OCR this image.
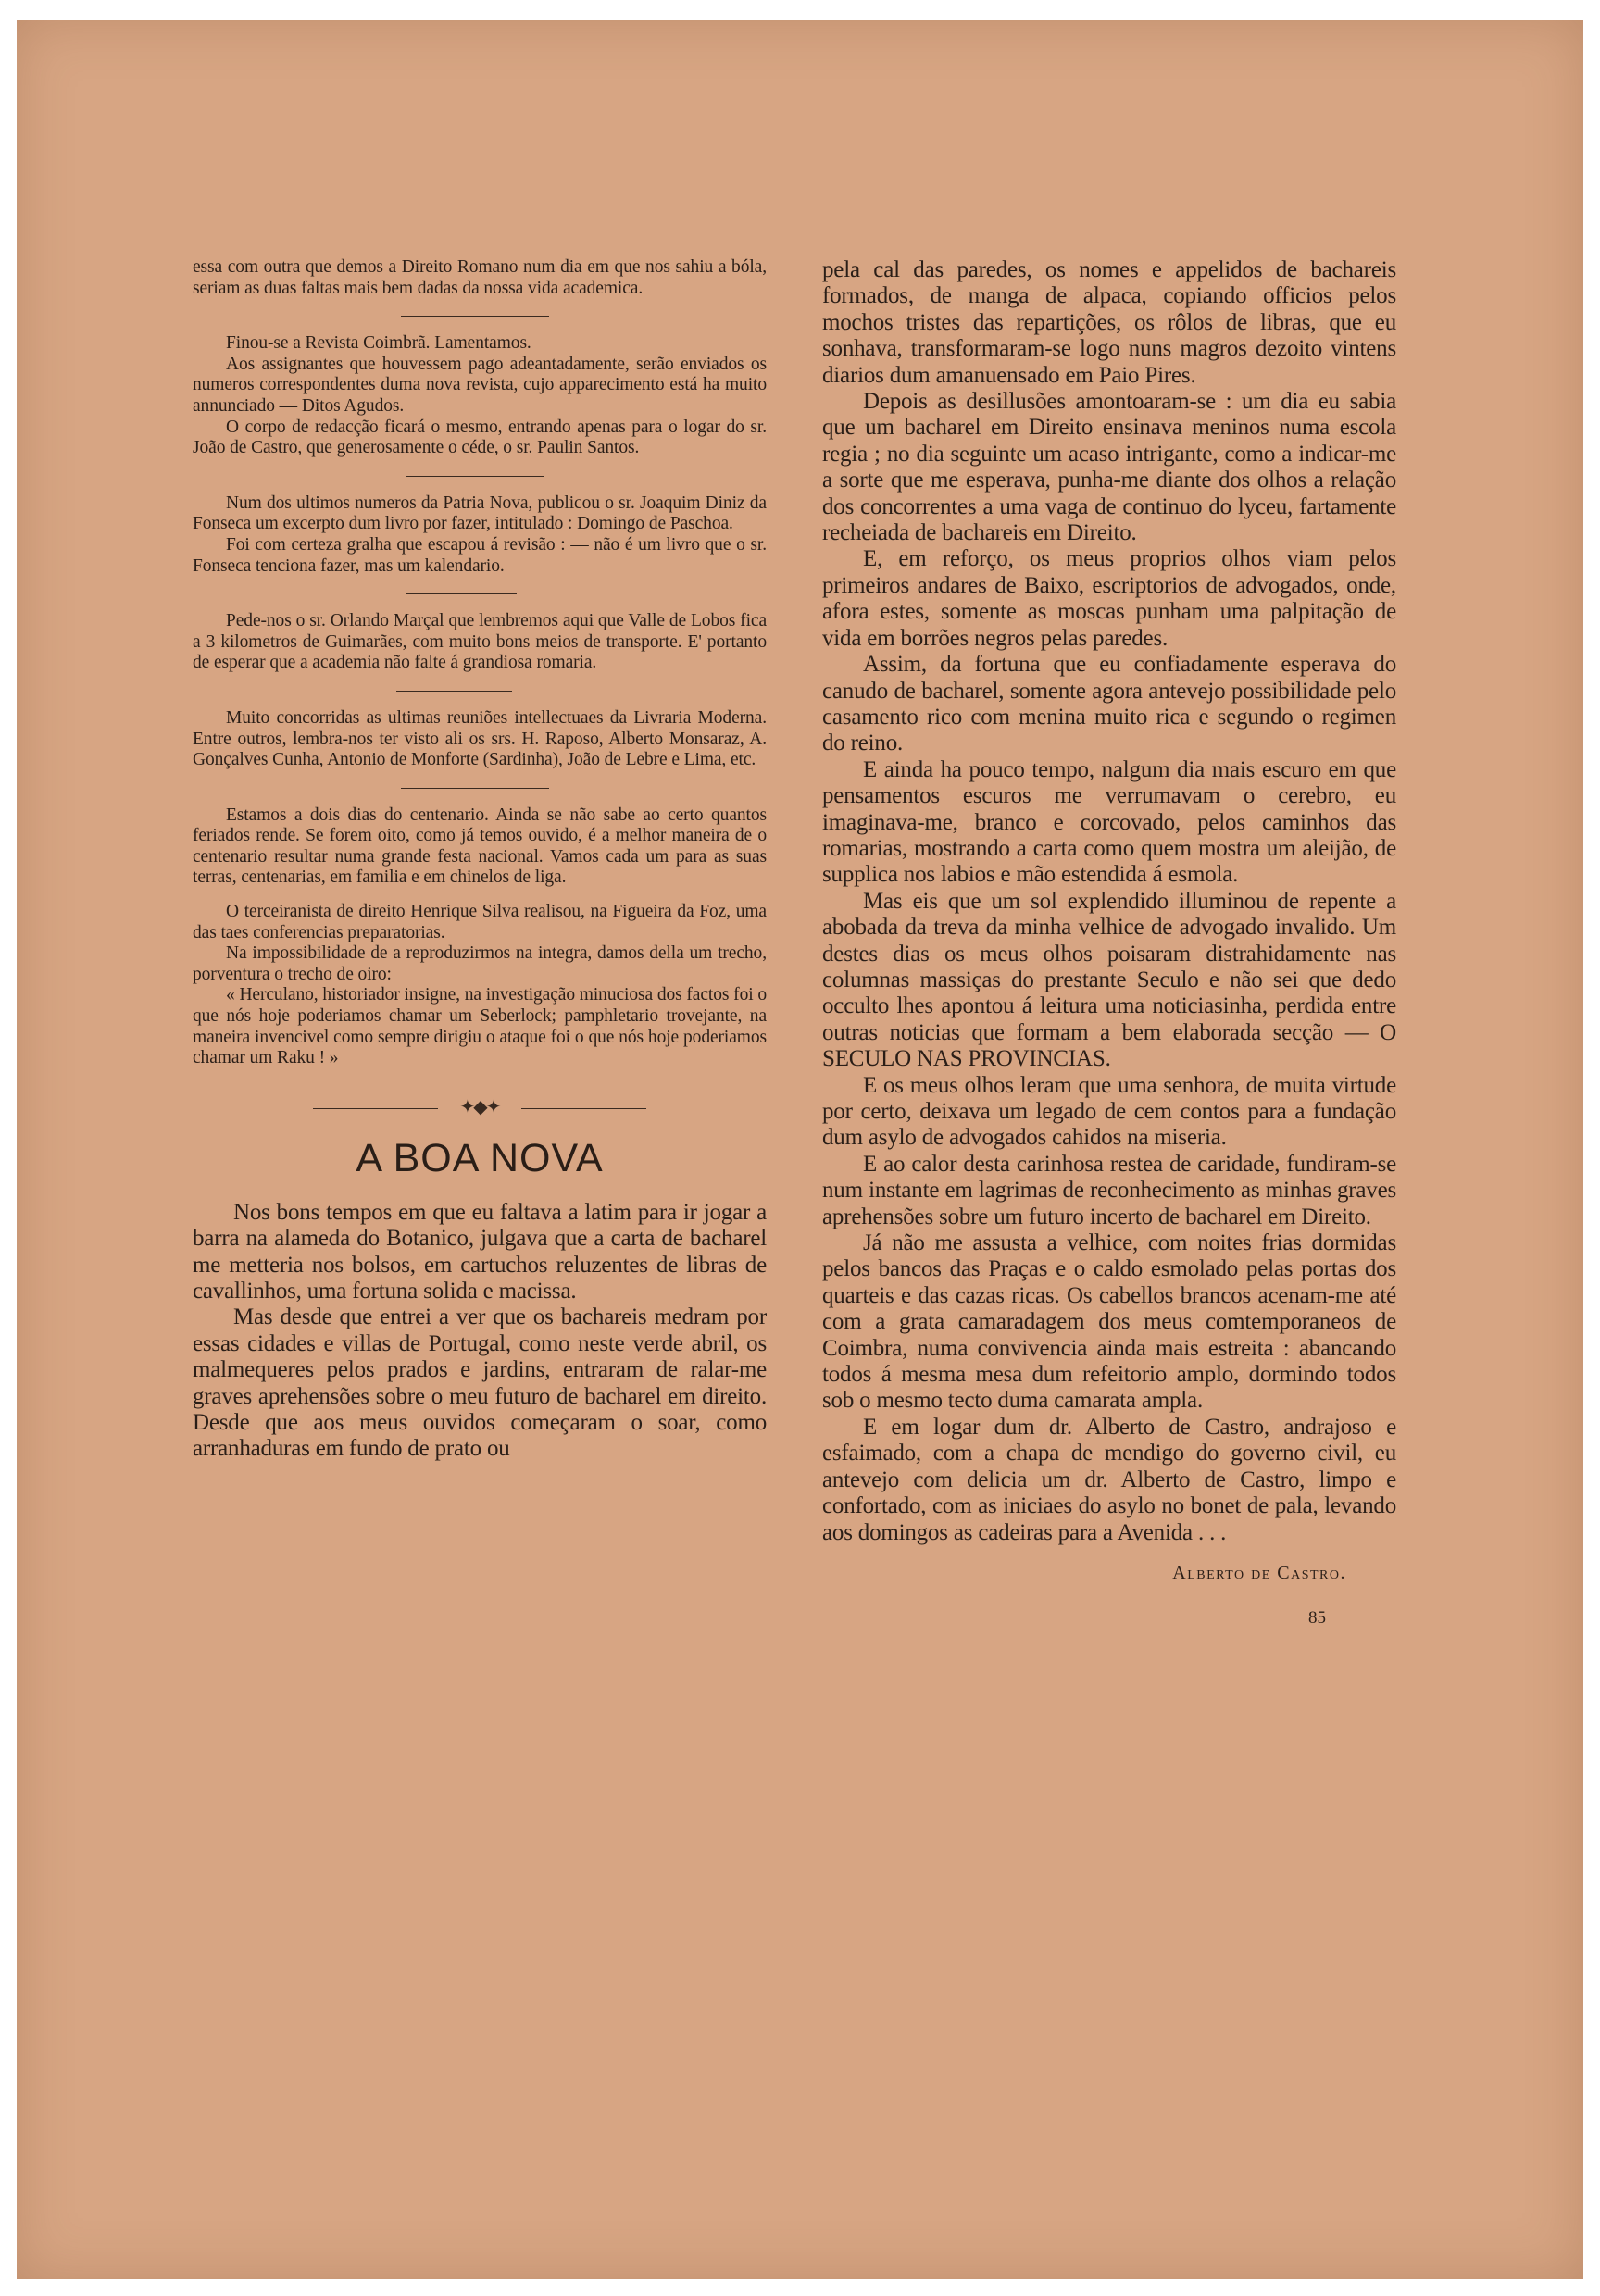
essa com outra que demos a Direito Romano num dia em que nos sahiu a bóla, seriam as duas faltas mais bem dadas da nossa vida academica.

Finou-se a Revista Coimbrã. Lamentamos.

Aos assignantes que houvessem pago adeantadamente, serão enviados os numeros correspondentes duma nova revista, cujo apparecimento está ha muito annunciado — Ditos Agudos.

O corpo de redacção ficará o mesmo, entrando apenas para o logar do sr. João de Castro, que generosamente o céde, o sr. Paulin Santos.

Num dos ultimos numeros da Patria Nova, publicou o sr. Joaquim Diniz da Fonseca um excerpto dum livro por fazer, intitulado : Domingo de Paschoa.

Foi com certeza gralha que escapou á revisão : — não é um livro que o sr. Fonseca tenciona fazer, mas um kalendario.

Pede-nos o sr. Orlando Marçal que lembremos aqui que Valle de Lobos fica a 3 kilometros de Guimarães, com muito bons meios de transporte. E' portanto de esperar que a academia não falte á grandiosa romaria.

Muito concorridas as ultimas reuniões intellectuaes da Livraria Moderna. Entre outros, lembra-nos ter visto ali os srs. H. Raposo, Alberto Monsaraz, A. Gonçalves Cunha, Antonio de Monforte (Sardinha), João de Lebre e Lima, etc.

Estamos a dois dias do centenario. Ainda se não sabe ao certo quantos feriados rende. Se forem oito, como já temos ouvido, é a melhor maneira de o centenario resultar numa grande festa nacional. Vamos cada um para as suas terras, centenarias, em familia e em chinelos de liga.

O terceiranista de direito Henrique Silva realisou, na Figueira da Foz, uma das taes conferencias preparatorias.

Na impossibilidade de a reproduzirmos na integra, damos della um trecho, porventura o trecho de oiro:

« Herculano, historiador insigne, na investigação minuciosa dos factos foi o que nós hoje poderiamos chamar um Seberlock; pamphletario trovejante, na maneira invencivel como sempre dirigiu o ataque foi o que nós hoje poderiamos chamar um Raku ! »

✦◆✦
A BOA NOVA

Nos bons tempos em que eu faltava a latim para ir jogar a barra na alameda do Botanico, julgava que a carta de bacharel me metteria nos bolsos, em cartuchos reluzentes de libras de cavallinhos, uma fortuna solida e macissa.

Mas desde que entrei a ver que os bachareis medram por essas cidades e villas de Portugal, como neste verde abril, os malmequeres pelos prados e jardins, entraram de ralar-me graves aprehensões sobre o meu futuro de bacharel em direito. Desde que aos meus ouvidos começaram o soar, como arranhaduras em fundo de prato ou

pela cal das paredes, os nomes e appelidos de bachareis formados, de manga de alpaca, copiando officios pelos mochos tristes das repartições, os rôlos de libras, que eu sonhava, transformaram-se logo nuns magros dezoito vintens diarios dum amanuensado em Paio Pires.

Depois as desillusões amontoaram-se : um dia eu sabia que um bacharel em Direito ensinava meninos numa escola regia ; no dia seguinte um acaso intrigante, como a indicar-me a sorte que me esperava, punha-me diante dos olhos a relação dos concorrentes a uma vaga de continuo do lyceu, fartamente recheiada de bachareis em Direito.

E, em reforço, os meus proprios olhos viam pelos primeiros andares de Baixo, escriptorios de advogados, onde, afora estes, somente as moscas punham uma palpitação de vida em borrões negros pelas paredes.

Assim, da fortuna que eu confiadamente esperava do canudo de bacharel, somente agora antevejo possibilidade pelo casamento rico com menina muito rica e segundo o regimen do reino.

E ainda ha pouco tempo, nalgum dia mais escuro em que pensamentos escuros me verrumavam o cerebro, eu imaginava-me, branco e corcovado, pelos caminhos das romarias, mostrando a carta como quem mostra um aleijão, de supplica nos labios e mão estendida á esmola.

Mas eis que um sol explendido illuminou de repente a abobada da treva da minha velhice de advogado invalido. Um destes dias os meus olhos poisaram distrahidamente nas columnas massiças do prestante Seculo e não sei que dedo occulto lhes apontou á leitura uma noticiasinha, perdida entre outras noticias que formam a bem elaborada secção — O SECULO NAS PROVINCIAS.

E os meus olhos leram que uma senhora, de muita virtude por certo, deixava um legado de cem contos para a fundação dum asylo de advogados cahidos na miseria.

E ao calor desta carinhosa restea de caridade, fundiram-se num instante em lagrimas de reconhecimento as minhas graves aprehensões sobre um futuro incerto de bacharel em Direito.

Já não me assusta a velhice, com noites frias dormidas pelos bancos das Praças e o caldo esmolado pelas portas dos quarteis e das cazas ricas. Os cabellos brancos acenam-me até com a grata camaradagem dos meus comtemporaneos de Coimbra, numa convivencia ainda mais estreita : abancando todos á mesma mesa dum refeitorio amplo, dormindo todos sob o mesmo tecto duma camarata ampla.

E em logar dum dr. Alberto de Castro, andrajoso e esfaimado, com a chapa de mendigo do governo civil, eu antevejo com delicia um dr. Alberto de Castro, limpo e confortado, com as iniciaes do asylo no bonet de pala, levando aos domingos as cadeiras para a Avenida . . .

Alberto de Castro.
85
